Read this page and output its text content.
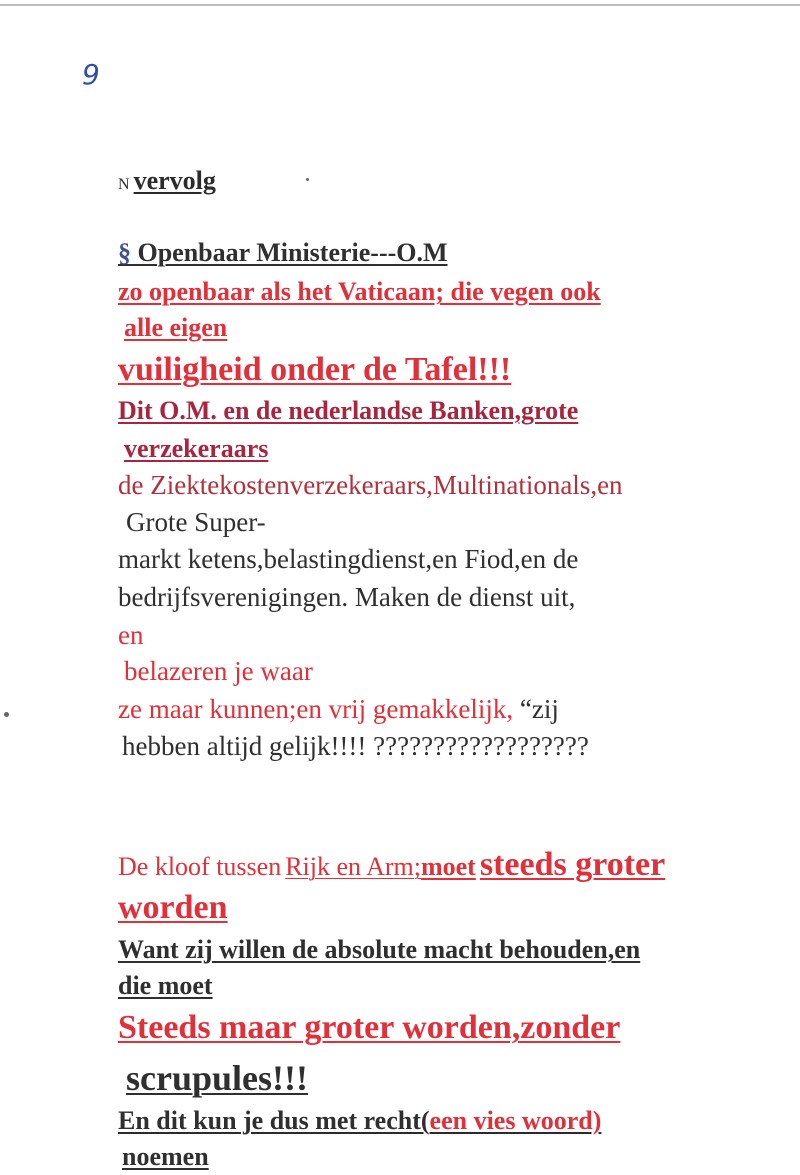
9
N vervolg
§ Openbaar Ministerie---O.M
zo openbaar als het Vaticaan; die vegen ook
alle eigen
vuiligheid onder de Tafel!!!
Dit O.M. en de nederlandse Banken,grote
verzekeraars
de Ziektekostenverzekeraars,Multinationals,en
Grote Super-
markt ketens,belastingdienst,en Fiod,en de
bedrijfsverenigingen. Maken de dienst uit,
en
belazeren je waar
ze maar kunnen;en vrij gemakkelijk, “zij
hebben altijd gelijk!!!! ??????????????????
De kloof tussen Rijk en Arm;moet steeds groter
worden
Want zij willen de absolute macht behouden,en
die moet
Steeds maar groter worden,zonder
scrupules!!!
En dit kun je dus met recht(een vies woord)
noemen
